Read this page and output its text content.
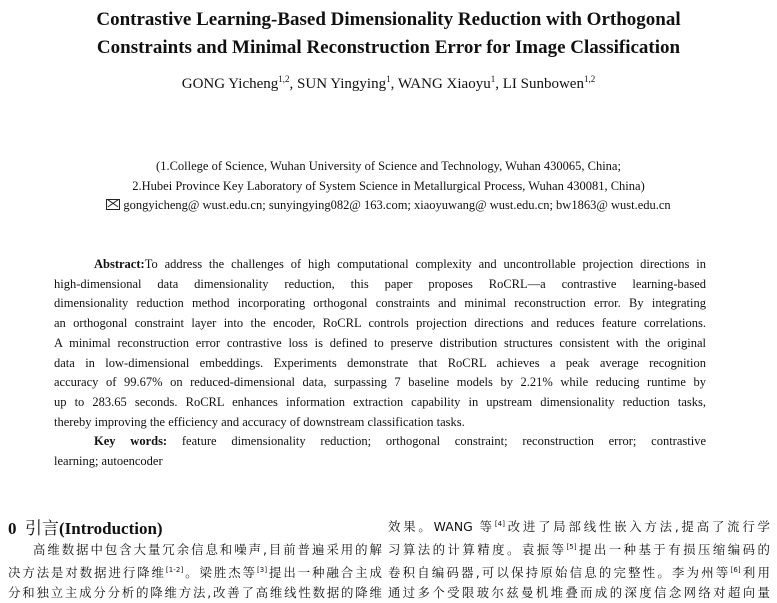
Contrastive Learning-Based Dimensionality Reduction with Orthogonal
Constraints and Minimal Reconstruction Error for Image Classification
GONG Yicheng$^{1,2}$, SUN Yingying$^1$, WANG Xiaoyu$^1$, LI Sunbowen$^{1,2}$
(1.College of Science, Wuhan University of Science and Technology, Wuhan 430065, China;
2.Hubei Province Key Laboratory of System Science in Metallurgical Process, Wuhan 430081, China)
gongyicheng@ wust.edu.cn; sunyingying082@ 163.com; xiaoyuwang@ wust.edu.cn; bw1863@ wust.edu.cn
Abstract:To address the challenges of high computational complexity and uncontrollable projection directions in
high-dimensional data dimensionality reduction, this paper proposes RoCRL—a contrastive learning-based
dimensionality reduction method incorporating orthogonal constraints and minimal reconstruction error. By integrating
an orthogonal constraint layer into the encoder, RoCRL controls projection directions and reduces feature correlations.
A minimal reconstruction error contrastive loss is defined to preserve distribution structures consistent with the original
data in low-dimensional embeddings. Experiments demonstrate that RoCRL achieves a peak average recognition
accuracy of 99.67% on reduced-dimensional data, surpassing 7 baseline models by 2.21% while reducing runtime by
up to 283.65 seconds. RoCRL enhances information extraction capability in upstream dimensionality reduction tasks,
thereby improving the efficiency and accuracy of downstream classification tasks.
Key words: feature dimensionality reduction; orthogonal constraint; reconstruction error; contrastive
learning; autoencoder
0 引言(Introduction)
高维数据中包含大量冗余信息和噪声,目前普遍采用的解
决方法是对数据进行降维[1-2]。梁胜杰等[3]提出一种融合主成
分和独立主成分分析的降维方法,改善了高维线性数据的降维
效果。WANG 等[4]改进了局部线性嵌入方法,提高了流行学
习算法的计算精度。袁振等[5]提出一种基于有损压缩编码的
卷积自编码器,可以保持原始信息的完整性。李为州等[6]利用
通过多个受限玻尔兹曼机堆叠而成的深度信念网络对超向量
